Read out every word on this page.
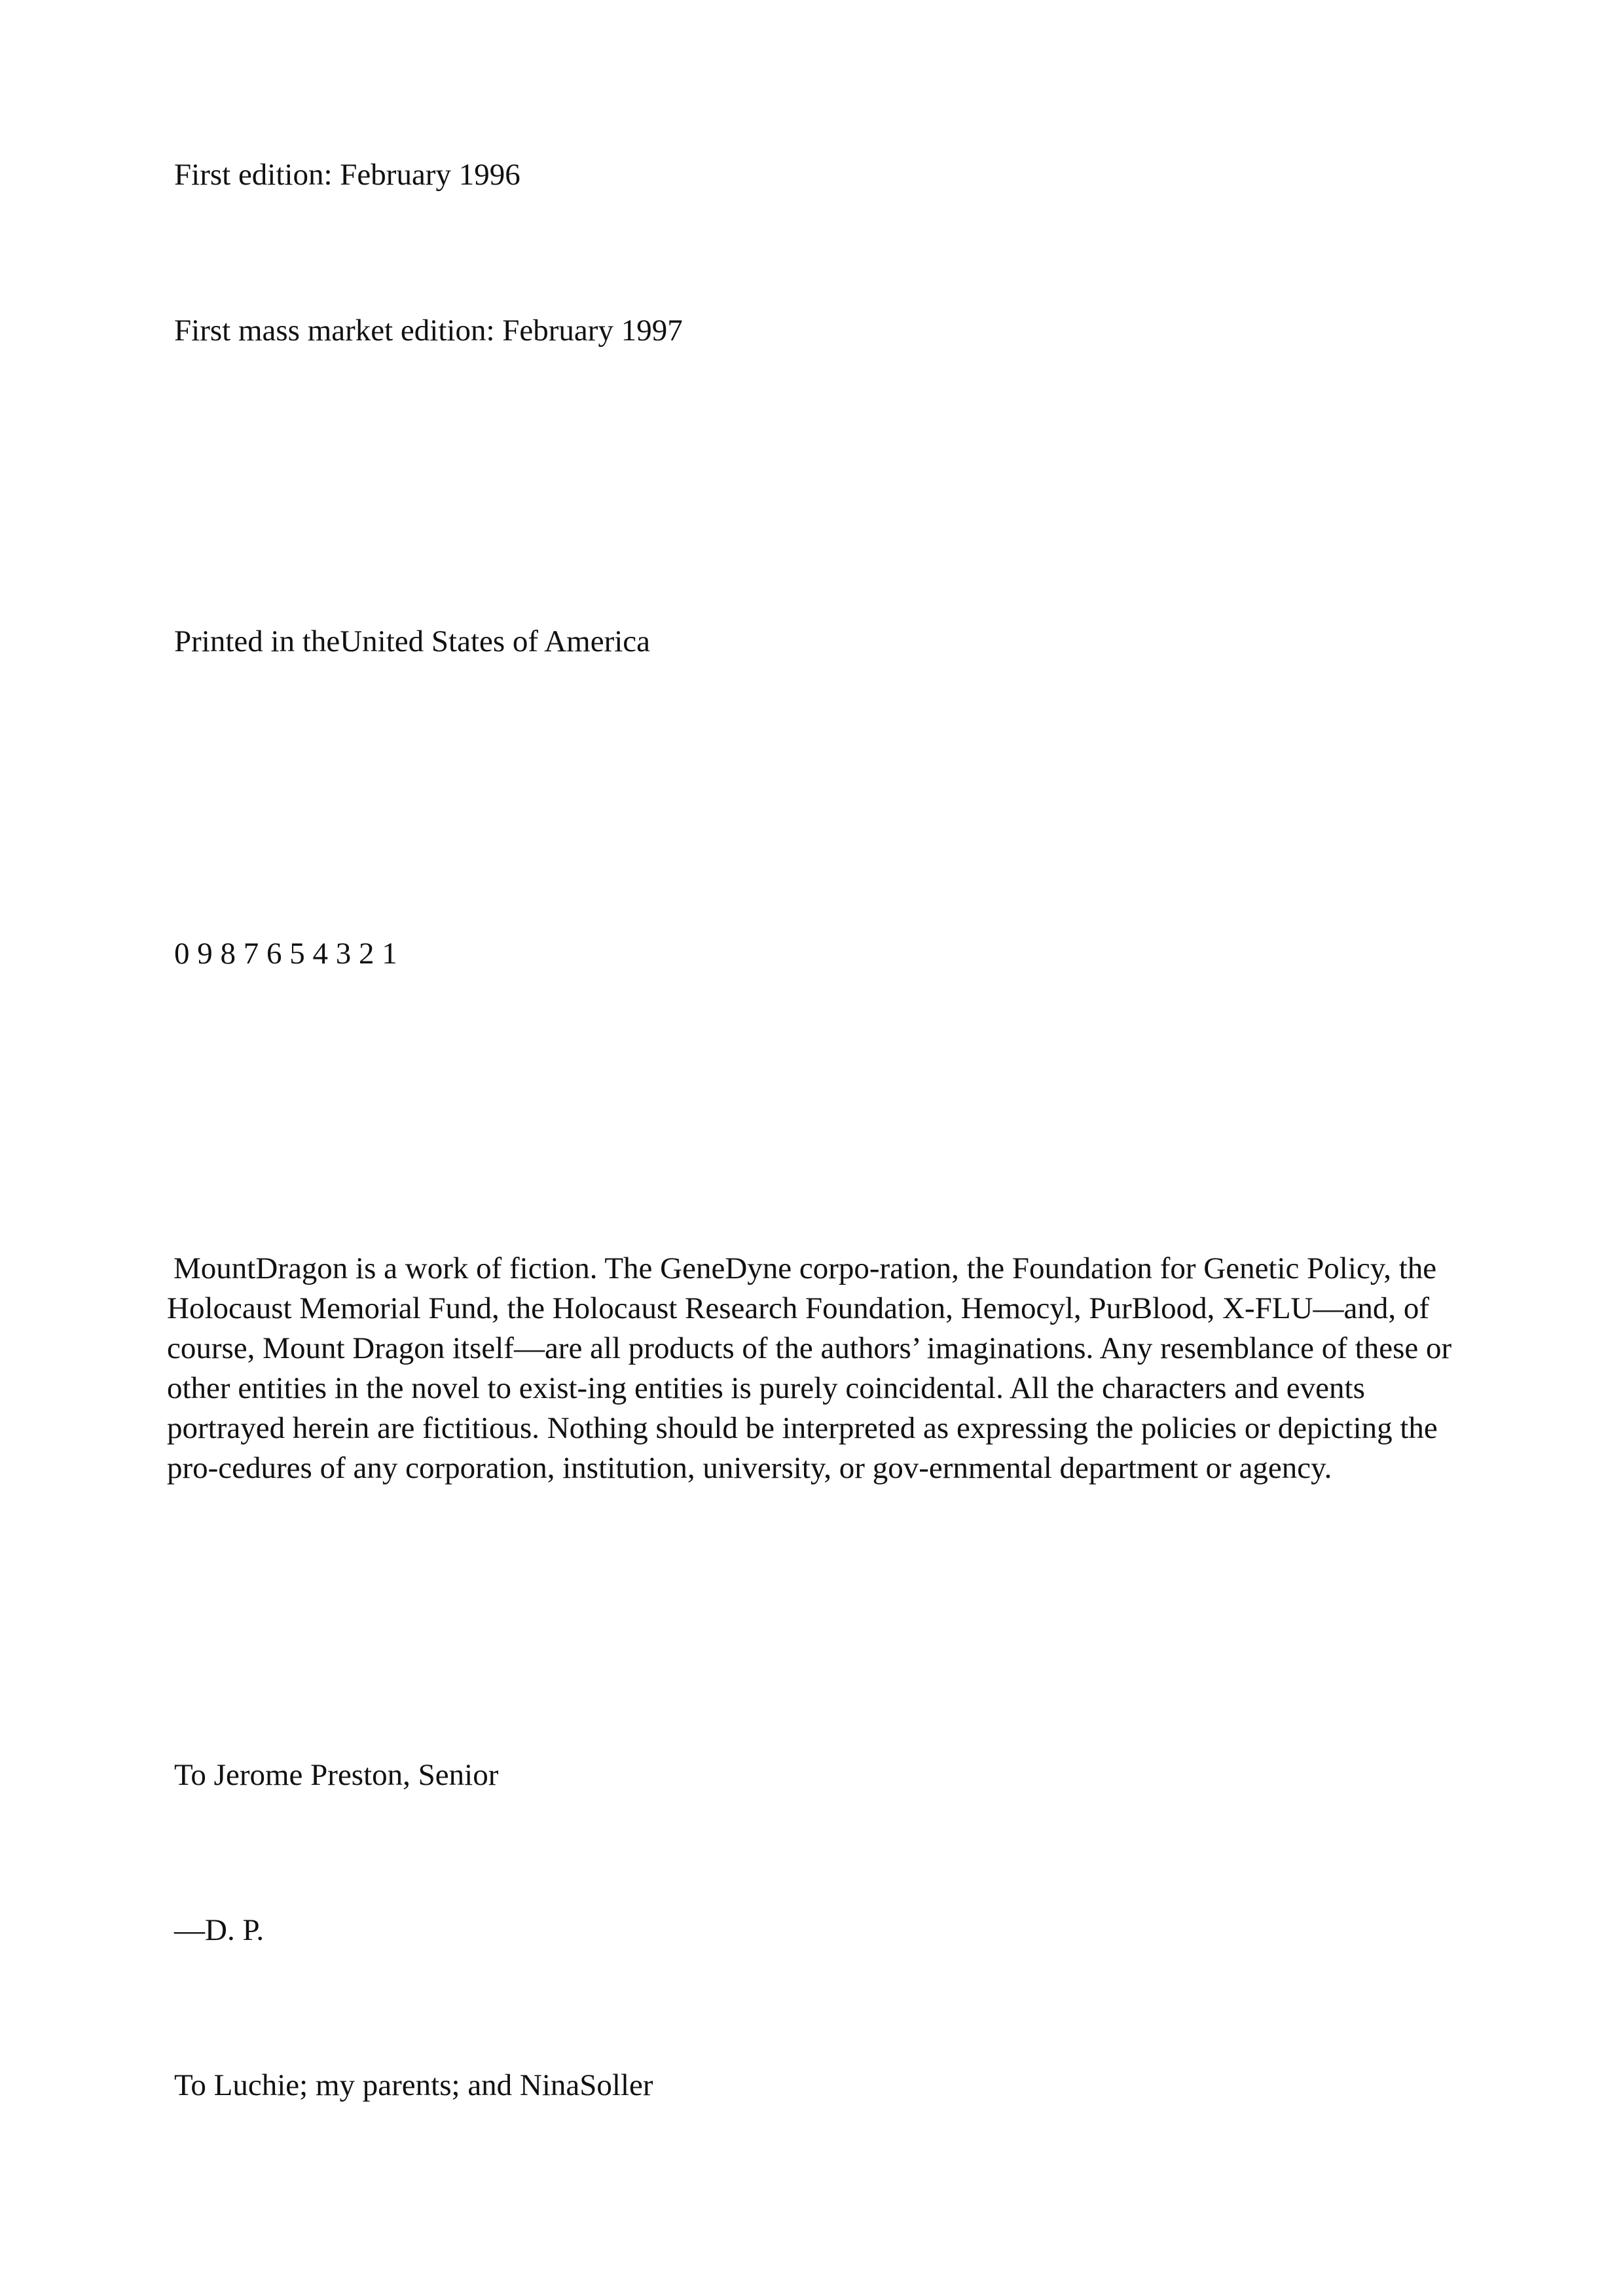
First edition: February 1996

First mass market edition: February 1997

Printed in theUnited States of America

0 9 8 7 6 5 4 3 2 1

MountDragon is a work of fiction. The GeneDyne corpo-ration, the Foundation for Genetic Policy, the Holocaust Memorial Fund, the Holocaust Research Foundation, Hemocyl, PurBlood, X-FLU—and, of course, Mount Dragon itself—are all products of the authors’ imaginations. Any resemblance of these or other entities in the novel to exist-ing entities is purely coincidental. All the characters and events portrayed herein are fictitious. Nothing should be interpreted as expressing the policies or depicting the pro-cedures of any corporation, institution, university, or gov-ernmental department or agency.

To Jerome Preston, Senior

—D. P.

To Luchie; my parents; and NinaSoller
